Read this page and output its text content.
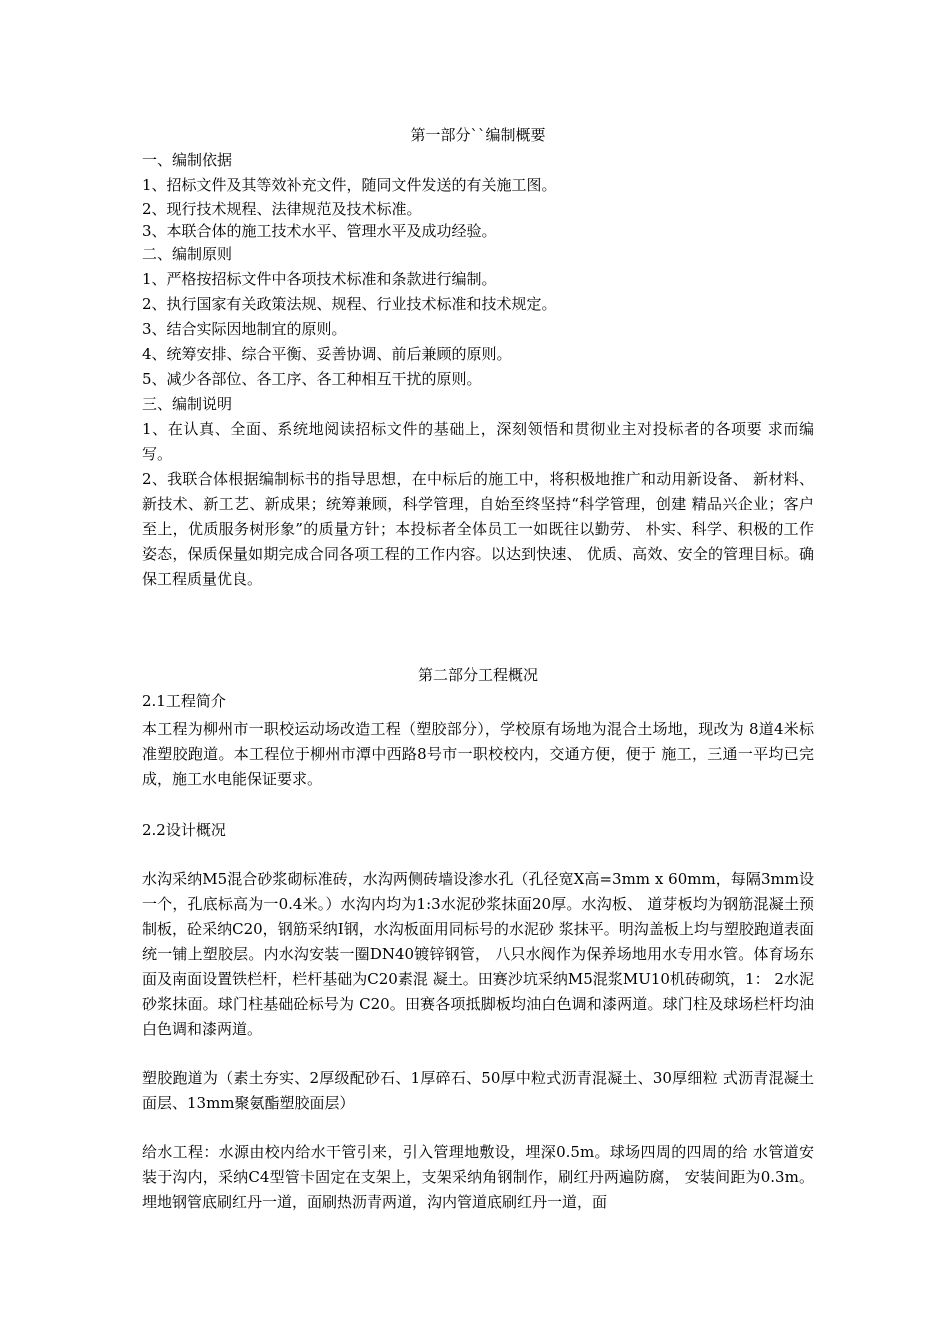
第一部分``编制概要

一、编制依据

1、招标文件及其等效补充文件，随同文件发送的有关施工图。

2、现行技术规程、法律规范及技术标准。

3、本联合体的施工技术水平、管理水平及成功经验。

二、编制原则

1、严格按招标文件中各项技术标准和条款进行编制。

2、执行国家有关政策法规、规程、行业技术标准和技术规定。

3、结合实际因地制宜的原则。

4、统筹安排、综合平衡、妥善协调、前后兼顾的原则。

5、减少各部位、各工序、各工种相互干扰的原则。

三、编制说明

1、在认真、全面、系统地阅读招标文件的基础上，深刻领悟和贯彻业主对投标者的各项要 求而编写。

2、我联合体根据编制标书的指导思想，在中标后的施工中，将积极地推广和动用新设备、 新材料、新技术、新工艺、新成果；统筹兼顾，科学管理，自始至终坚持“科学管理，创建 精品兴企业；客户至上，优质服务树形象”的质量方针；本投标者全体员工一如既往以勤劳、 朴实、科学、积极的工作姿态，保质保量如期完成合同各项工程的工作内容。以达到快速、 优质、高效、安全的管理目标。确保工程质量优良。

第二部分工程概况

2.1工程简介

本工程为柳州市一职校运动场改造工程（塑胶部分），学校原有场地为混合土场地，现改为 8道4米标准塑胶跑道。本工程位于柳州市潭中西路8号市一职校校内，交通方便，便于 施工，三通一平均已完成，施工水电能保证要求。

2.2设计概况

水沟采纳M5混合砂浆砌标准砖，水沟两侧砖墙设渗水孔（孔径宽X高=3mm x 60mm，每隔3mm设一个，孔底标高为一0.4米。）水沟内均为1:3水泥砂浆抹面20厚。水沟板、 道芽板均为钢筋混凝土预制板，砼采纳C20，钢筋采纳I钢，水沟板面用同标号的水泥砂 浆抹平。明沟盖板上均与塑胶跑道表面统一铺上塑胶层。内水沟安装一圈DN40镀锌钢管， 八只水阀作为保养场地用水专用水管。体育场东面及南面设置铁栏杆，栏杆基础为C20素混 凝土。田赛沙坑采纳M5混浆MU10机砖砌筑，1： 2水泥砂浆抹面。球门柱基础砼标号为 C20。田赛各项抵脚板均油白色调和漆两道。球门柱及球场栏杆均油白色调和漆两道。

塑胶跑道为（素土夯实、2厚级配砂石、1厚碎石、50厚中粒式沥青混凝土、30厚细粒 式沥青混凝土面层、13mm聚氨酯塑胶面层）

给水工程：水源由校内给水干管引来，引入管理地敷设，埋深0.5m。球场四周的四周的给 水管道安装于沟内，采纳C4型管卡固定在支架上，支架采纳角钢制作，刷红丹两遍防腐， 安装间距为0.3m。埋地钢管底刷红丹一道，面刷热沥青两道，沟内管道底刷红丹一道，面
